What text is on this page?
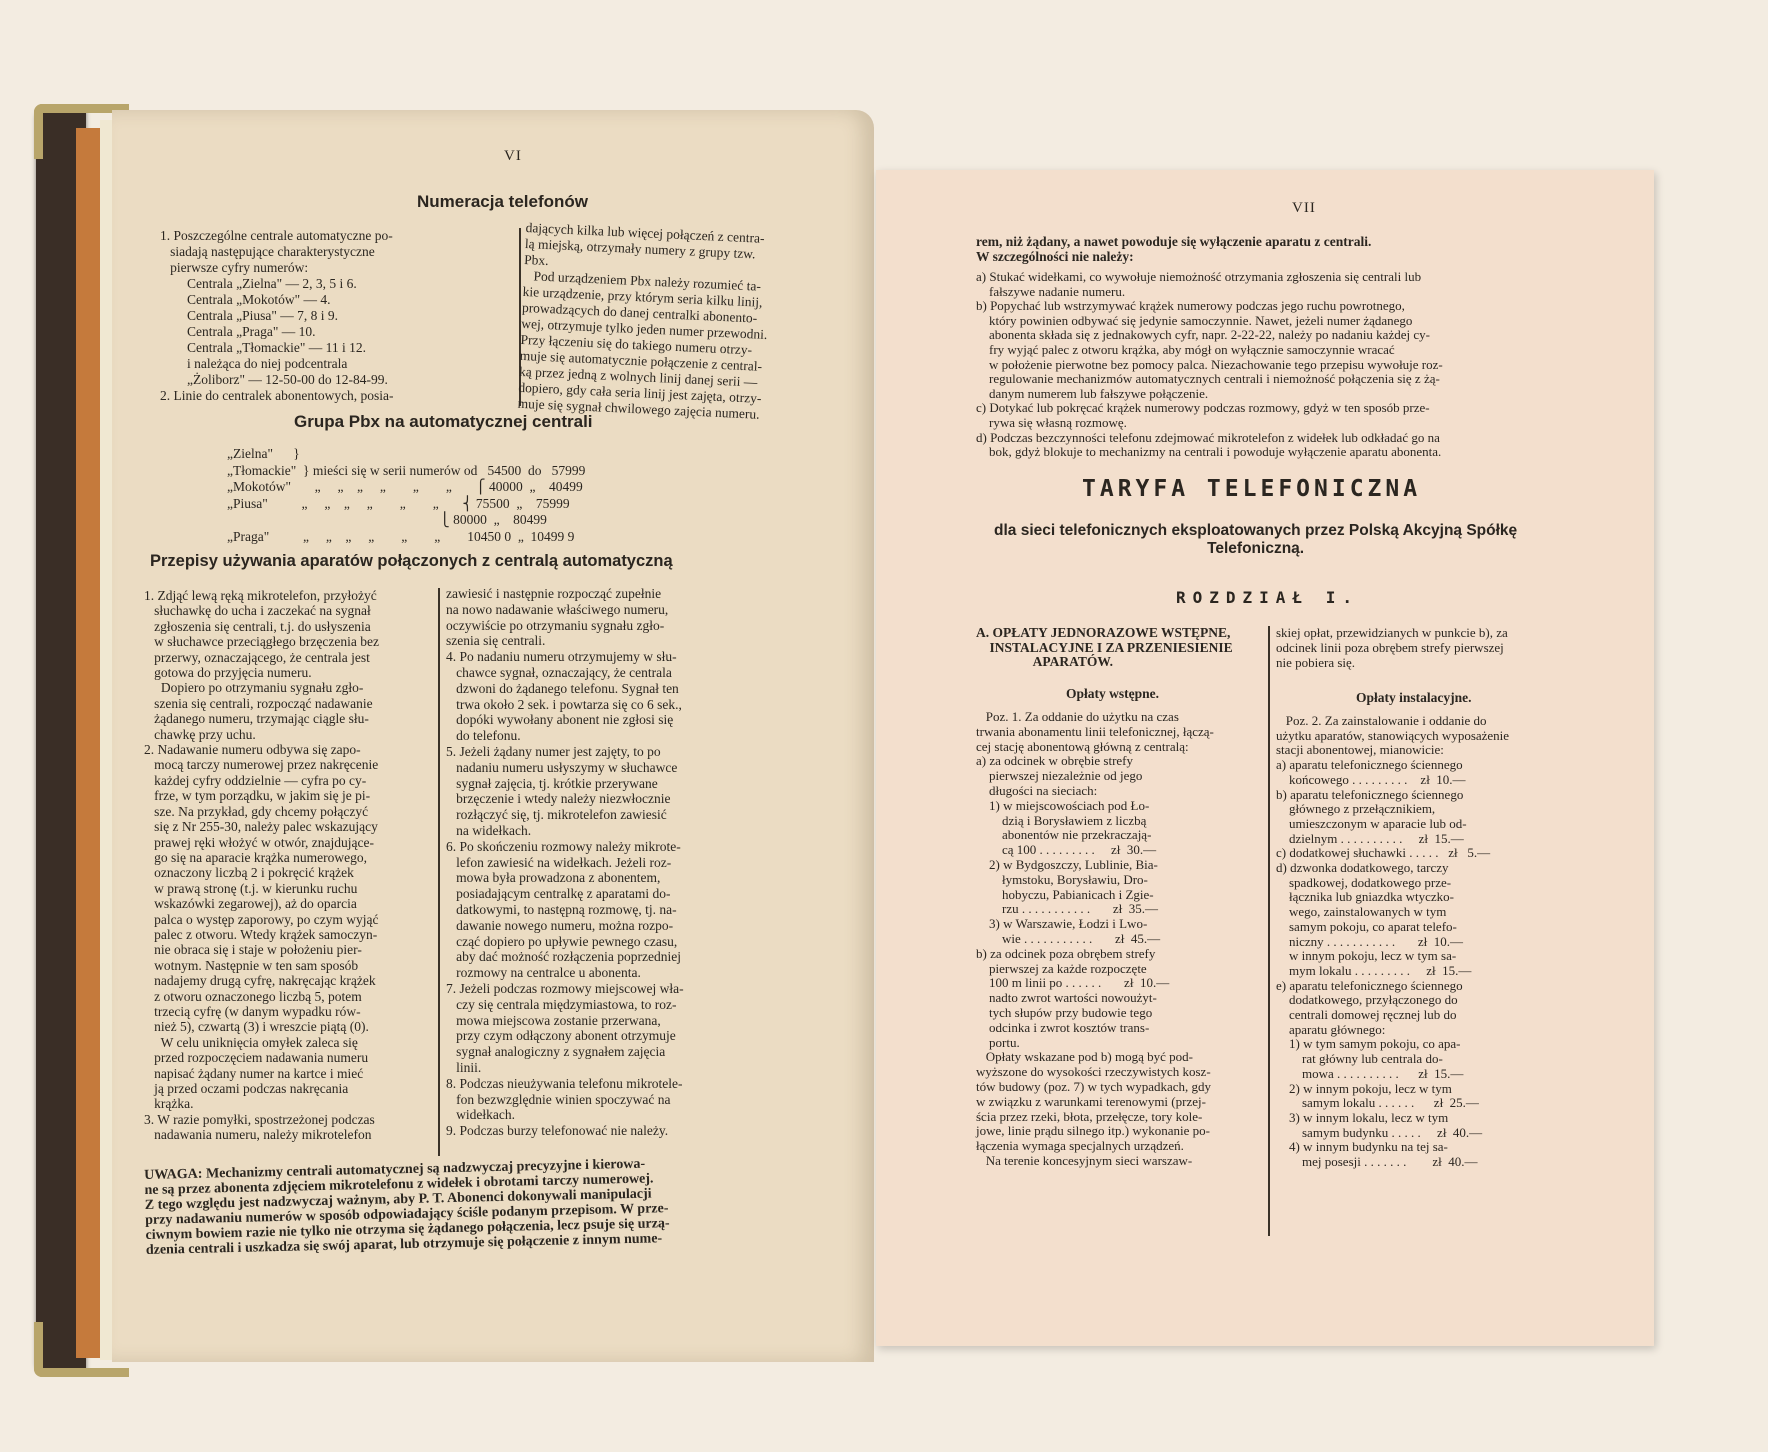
VI
Numeracja telefonów
1. Poszczególne centrale automatyczne po-
siadają następujące charakterystyczne
pierwsze cyfry numerów:
Centrala „Zielna" — 2, 3, 5 i 6.
Centrala „Mokotów" — 4.
Centrala „Piusa" — 7, 8 i 9.
Centrala „Praga" — 10.
Centrala „Tłomackie" — 11 i 12.
i należąca do niej podcentrala
„Żoliborz" — 12-50-00 do 12-84-99.
2. Linie do centralek abonentowych, posia-
dających kilka lub więcej połączeń z centra-
lą miejską, otrzymały numery z grupy tzw.
Pbx.
Pod urządzeniem Pbx należy rozumieć ta-
kie urządzenie, przy którym seria kilku linij,
prowadzących do danej centralki abonento-
wej, otrzymuje tylko jeden numer przewodni.
Przy łączeniu się do takiego numeru otrzy-
muje się automatycznie połączenie z central-
ką przez jedną z wolnych linij danej serii —
dopiero, gdy cała seria linij jest zajęta, otrzy-
muje się sygnał chwilowego zajęcia numeru.
Grupa Pbx na automatycznej centrali
„Zielna"      }
„Tłomackie"  } mieści się w serii numerów od   54500  do   57999
„Mokotów"       „     „    „     „        „        „       ⎧ 40000  „    40499
„Piusa"          „     „    „     „        „        „       ⎨ 75500  „    75999
⎩ 80000  „    80499
„Praga"          „     „    „     „        „        „        10450 0  „  10499 9
Przepisy używania aparatów połączonych z centralą automatyczną
1. Zdjąć lewą ręką mikrotelefon, przyłożyć
słuchawkę do ucha i zaczekać na sygnał
zgłoszenia się centrali, t.j. do usłyszenia
w słuchawce przeciągłego brzęczenia bez
przerwy, oznaczającego, że centrala jest
gotowa do przyjęcia numeru.
Dopiero po otrzymaniu sygnału zgło-
szenia się centrali, rozpocząć nadawanie
żądanego numeru, trzymając ciągle słu-
chawkę przy uchu.
2. Nadawanie numeru odbywa się zapo-
mocą tarczy numerowej przez nakręcenie
każdej cyfry oddzielnie — cyfra po cy-
frze, w tym porządku, w jakim się je pi-
sze. Na przykład, gdy chcemy połączyć
się z Nr 255-30, należy palec wskazujący
prawej ręki włożyć w otwór, znajdujące-
go się na aparacie krążka numerowego,
oznaczony liczbą 2 i pokręcić krążek
w prawą stronę (t.j. w kierunku ruchu
wskazówki zegarowej), aż do oparcia
palca o występ zaporowy, po czym wyjąć
palec z otworu. Wtedy krążek samoczyn-
nie obraca się i staje w położeniu pier-
wotnym. Następnie w ten sam sposób
nadajemy drugą cyfrę, nakręcając krążek
z otworu oznaczonego liczbą 5, potem
trzecią cyfrę (w danym wypadku rów-
nież 5), czwartą (3) i wreszcie piątą (0).
W celu uniknięcia omyłek zaleca się
przed rozpoczęciem nadawania numeru
napisać żądany numer na kartce i mieć
ją przed oczami podczas nakręcania
krążka.
3. W razie pomyłki, spostrzeżonej podczas
nadawania numeru, należy mikrotelefon
zawiesić i następnie rozpocząć zupełnie
na nowo nadawanie właściwego numeru,
oczywiście po otrzymaniu sygnału zgło-
szenia się centrali.
4. Po nadaniu numeru otrzymujemy w słu-
chawce sygnał, oznaczający, że centrala
dzwoni do żądanego telefonu. Sygnał ten
trwa około 2 sek. i powtarza się co 6 sek.,
dopóki wywołany abonent nie zgłosi się
do telefonu.
5. Jeżeli żądany numer jest zajęty, to po
nadaniu numeru usłyszymy w słuchawce
sygnał zajęcia, tj. krótkie przerywane
brzęczenie i wtedy należy niezwłocznie
rozłączyć się, tj. mikrotelefon zawiesić
na widełkach.
6. Po skończeniu rozmowy należy mikrote-
lefon zawiesić na widełkach. Jeżeli roz-
mowa była prowadzona z abonentem,
posiadającym centralkę z aparatami do-
datkowymi, to następną rozmowę, tj. na-
dawanie nowego numeru, można rozpo-
cząć dopiero po upływie pewnego czasu,
aby dać możność rozłączenia poprzedniej
rozmowy na centralce u abonenta.
7. Jeżeli podczas rozmowy miejscowej wła-
czy się centrala międzymiastowa, to roz-
mowa miejscowa zostanie przerwana,
przy czym odłączony abonent otrzymuje
sygnał analogiczny z sygnałem zajęcia
linii.
8. Podczas nieużywania telefonu mikrotele-
fon bezwzględnie winien spoczywać na
widełkach.
9. Podczas burzy telefonować nie należy.
UWAGA: Mechanizmy centrali automatycznej są nadzwyczaj precyzyjne i kierowa-
ne są przez abonenta zdjęciem mikrotelefonu z widełek i obrotami tarczy numerowej.
Z tego względu jest nadzwyczaj ważnym, aby P. T. Abonenci dokonywali manipulacji
przy nadawaniu numerów w sposób odpowiadający ściśle podanym przepisom. W prze-
ciwnym bowiem razie nie tylko nie otrzyma się żądanego połączenia, lecz psuje się urzą-
dzenia centrali i uszkadza się swój aparat, lub otrzymuje się połączenie z innym nume-
VII
rem, niż żądany, a nawet powoduje się wyłączenie aparatu z centrali.
W szczególności nie należy:
a) Stukać widełkami, co wywołuje niemożność otrzymania zgłoszenia się centrali lub
fałszywe nadanie numeru.
b) Popychać lub wstrzymywać krążek numerowy podczas jego ruchu powrotnego,
który powinien odbywać się jedynie samoczynnie. Nawet, jeżeli numer żądanego
abonenta składa się z jednakowych cyfr, napr. 2-22-22, należy po nadaniu każdej cy-
fry wyjąć palec z otworu krążka, aby mógł on wyłącznie samoczynnie wracać
w położenie pierwotne bez pomocy palca. Niezachowanie tego przepisu wywołuje roz-
regulowanie mechanizmów automatycznych centrali i niemożność połączenia się z żą-
danym numerem lub fałszywe połączenie.
c) Dotykać lub pokręcać krążek numerowy podczas rozmowy, gdyż w ten sposób prze-
rywa się własną rozmowę.
d) Podczas bezczynności telefonu zdejmować mikrotelefon z widełek lub odkładać go na
bok, gdyż blokuje to mechanizmy na centrali i powoduje wyłączenie aparatu abonenta.
TARYFA TELEFONICZNA
dla sieci telefonicznych eksploatowanych przez Polską Akcyjną Spółkę
Telefoniczną.
ROZDZIAŁ I.
A. OPŁATY JEDNORAZOWE WSTĘPNE,
INSTALACYJNE I ZA PRZENIESIENIE
APARATÓW.
Opłaty wstępne.
Poz. 1. Za oddanie do użytku na czas
trwania abonamentu linii telefonicznej, łączą-
cej stację abonentową główną z centralą:
a) za odcinek w obrębie strefy
pierwszej niezależnie od jego
długości na sieciach:
1) w miejscowościach pod Ło-
dzią i Borysławiem z liczbą
abonentów nie przekraczają-
cą 100 . . . . . . . . .     zł  30.—
2) w Bydgoszczy, Lublinie, Bia-
łymstoku, Borysławiu, Dro-
hobyczu, Pabianicach i Zgie-
rzu . . . . . . . . . . .       zł  35.—
3) w Warszawie, Łodzi i Lwo-
wie . . . . . . . . . . .       zł  45.—
b) za odcinek poza obrębem strefy
pierwszej za każde rozpoczęte
100 m linii po . . . . . .       zł  10.—
nadto zwrot wartości nowoużyt-
tych słupów przy budowie tego
odcinka i zwrot kosztów trans-
portu.
Opłaty wskazane pod b) mogą być pod-
wyższone do wysokości rzeczywistych kosz-
tów budowy (poz. 7) w tych wypadkach, gdy
w związku z warunkami terenowymi (przej-
ścia przez rzeki, błota, przełęcze, tory kole-
jowe, linie prądu silnego itp.) wykonanie po-
łączenia wymaga specjalnych urządzeń.
Na terenie koncesyjnym sieci warszaw-
skiej opłat, przewidzianych w punkcie b), za
odcinek linii poza obrębem strefy pierwszej
nie pobiera się.
Opłaty instalacyjne.
Poz. 2. Za zainstalowanie i oddanie do
użytku aparatów, stanowiących wyposażenie
stacji abonentowej, mianowicie:
a) aparatu telefonicznego ściennego
końcowego . . . . . . . . .    zł  10.—
b) aparatu telefonicznego ściennego
głównego z przełącznikiem,
umieszczonym w aparacie lub od-
dzielnym . . . . . . . . . .     zł  15.—
c) dodatkowej słuchawki . . . . .   zł   5.—
d) dzwonka dodatkowego, tarczy
spadkowej, dodatkowego prze-
łącznika lub gniazdka wtyczko-
wego, zainstalowanych w tym
samym pokoju, co aparat telefo-
niczny . . . . . . . . . . .       zł  10.—
w innym pokoju, lecz w tym sa-
mym lokalu . . . . . . . . .     zł  15.—
e) aparatu telefonicznego ściennego
dodatkowego, przyłączonego do
centrali domowej ręcznej lub do
aparatu głównego:
1) w tym samym pokoju, co apa-
rat główny lub centrala do-
mowa . . . . . . . . . .      zł  15.—
2) w innym pokoju, lecz w tym
samym lokalu . . . . . .      zł  25.—
3) w innym lokalu, lecz w tym
samym budynku . . . . .     zł  40.—
4) w innym budynku na tej sa-
mej posesji . . . . . . .        zł  40.—
